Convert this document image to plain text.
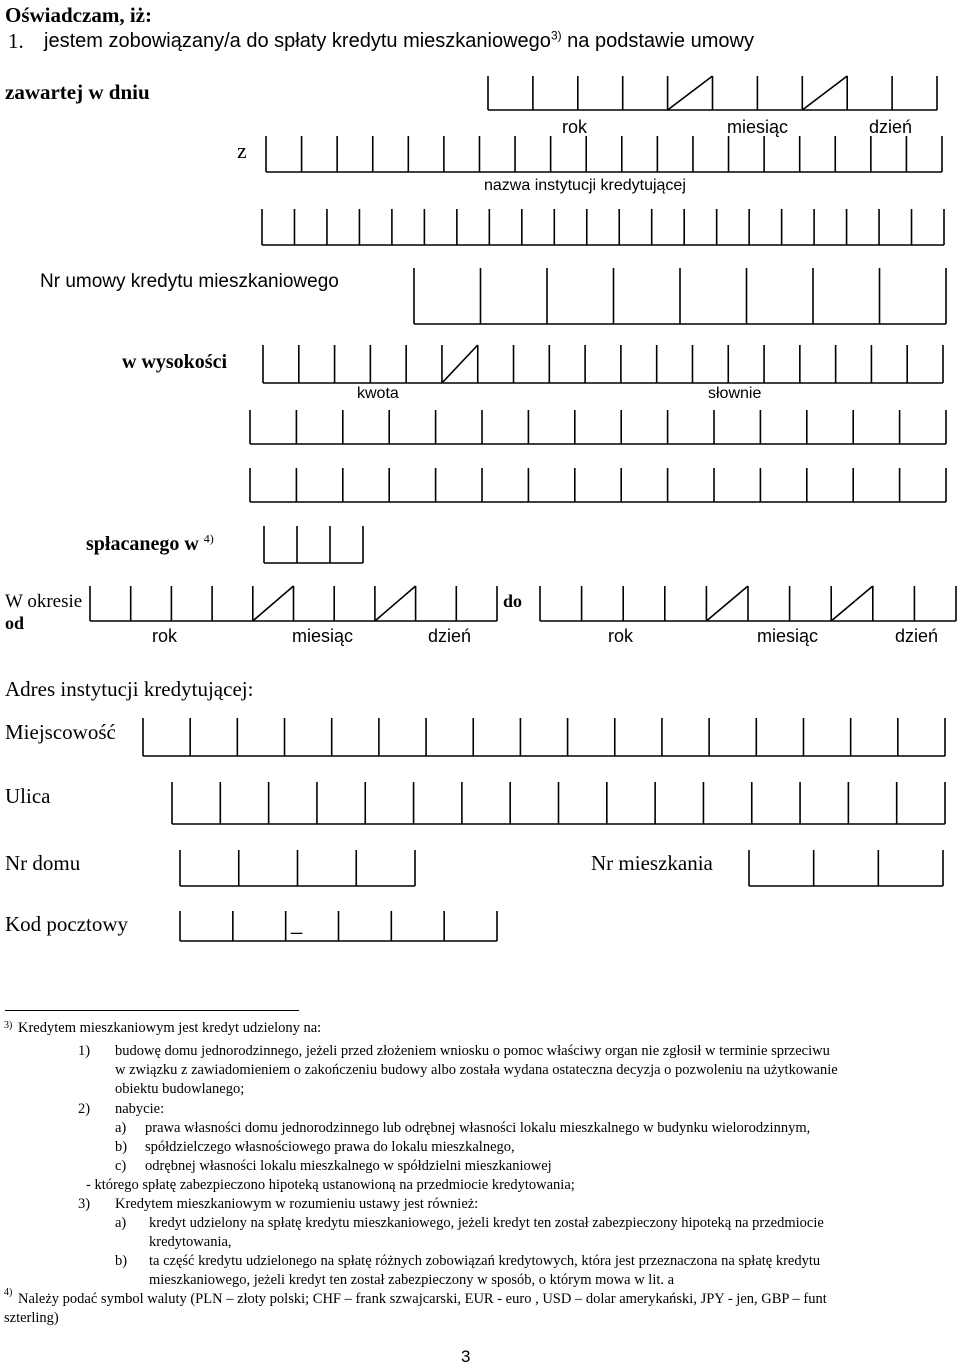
Oświadczam, iż:
1. jestem zobowiązany/a do spłaty kredytu mieszkaniowego$^{3)}$ na podstawie umowy
zawartej w dniu
rok	miesiąc	dzień
z
nazwa instytucji kredytującej
Nr umowy kredytu mieszkaniowego
w wysokości
kwota	słownie
spłacanego w $^{4)}$
W okresie
od
do
rok	miesiąc	dzień	rok	miesiąc	dzień
Adres instytucji kredytującej:
Miejscowość
Ulica
Nr domu	Nr mieszkania
Kod pocztowy	_
3) Kredytem mieszkaniowym jest kredyt udzielony na:
1) budowę domu jednorodzinnego, jeżeli przed złożeniem wniosku o pomoc właściwy organ nie zgłosił w terminie sprzeciwu
w związku z zawiadomieniem o zakończeniu budowy albo została wydana ostateczna decyzja o pozwoleniu na użytkowanie
obiektu budowlanego;
2) nabycie:
a) prawa własności domu jednorodzinnego lub odrębnej własności lokalu mieszkalnego w budynku wielorodzinnym,
b) spółdzielczego własnościowego prawa do lokalu mieszkalnego,
c) odrębnej własności lokalu mieszkalnego w spółdzielni mieszkaniowej
- którego spłatę zabezpieczono hipoteką ustanowioną na przedmiocie kredytowania;
3) Kredytem mieszkaniowym w rozumieniu ustawy jest również:
a) kredyt udzielony na spłatę kredytu mieszkaniowego, jeżeli kredyt ten został zabezpieczony hipoteką na przedmiocie
kredytowania,
b) ta część kredytu udzielonego na spłatę różnych zobowiązań kredytowych, która jest przeznaczona na spłatę kredytu
mieszkaniowego, jeżeli kredyt ten został zabezpieczony w sposób, o którym mowa w lit. a
4) Należy podać symbol waluty (PLN – złoty polski; CHF – frank szwajcarski, EUR - euro , USD – dolar amerykański, JPY - jen, GBP – funt
szterling)
3
